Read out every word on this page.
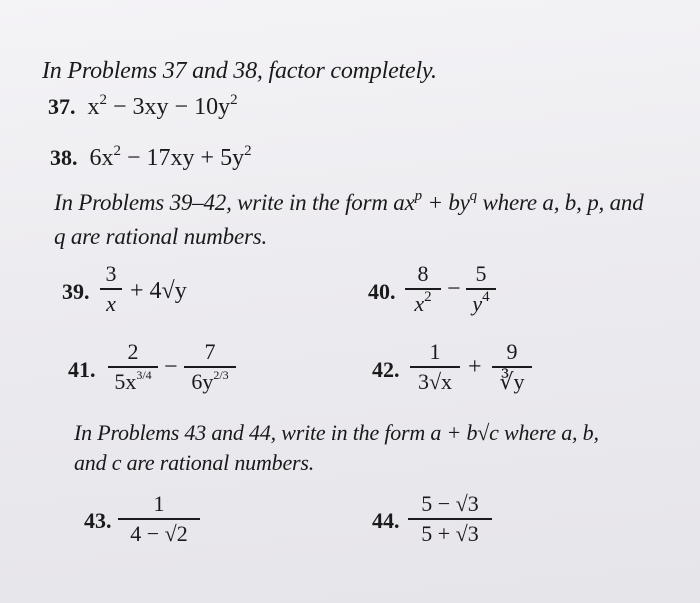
In Problems 37 and 38, factor completely.
37. $x^2 - 3xy - 10y^2$
38. $6x^2 - 17xy + 5y^2$
In Problems 39–42, write in the form $ax^p + by^q$ where a, b, p, and
q are rational numbers.
39.
3
x + 4√y	40.
8
$x^2$ −
5
$y^4$
41.
2
$5x^{3/4}$ −
7
$6y^{2/3}$	42.
1
3√x
+
9
∛y
In Problems 43 and 44, write in the form a + b√c where a, b,
and c are rational numbers.
43.
1
4 − √2
44.
5 − √3
5 + √3
